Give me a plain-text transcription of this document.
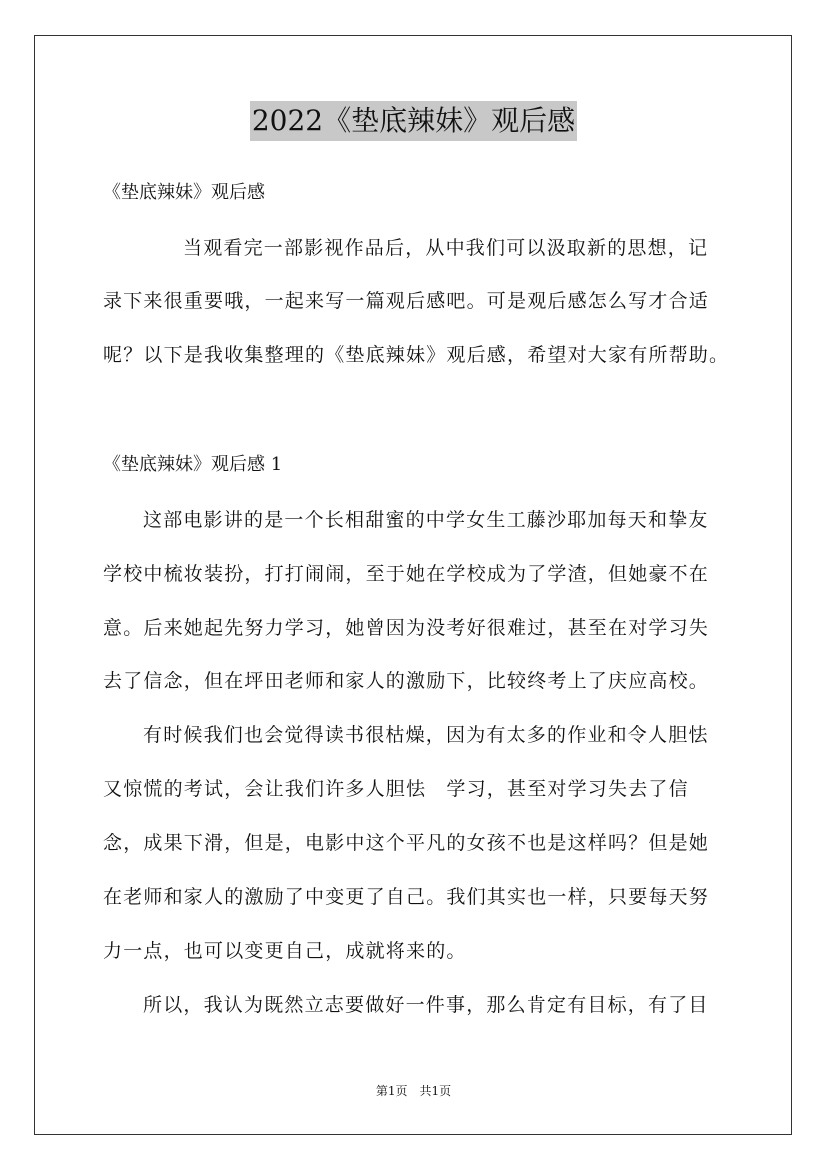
2022《垫底辣妹》观后感
《垫底辣妹》观后感
当观看完一部影视作品后，从中我们可以汲取新的思想，记
录下来很重要哦，一起来写一篇观后感吧。可是观后感怎么写才合适
呢？以下是我收集整理的《垫底辣妹》观后感，希望对大家有所帮助。
《垫底辣妹》观后感 1
这部电影讲的是一个长相甜蜜的中学女生工藤沙耶加每天和挚友
学校中梳妆装扮，打打闹闹，至于她在学校成为了学渣，但她豪不在
意。后来她起先努力学习，她曾因为没考好很难过，甚至在对学习失
去了信念，但在坪田老师和家人的激励下，比较终考上了庆应高校。
有时候我们也会觉得读书很枯燥，因为有太多的作业和令人胆怯
又惊慌的考试，会让我们许多人胆怯　学习，甚至对学习失去了信
念，成果下滑，但是，电影中这个平凡的女孩不也是这样吗？但是她
在老师和家人的激励了中变更了自己。我们其实也一样，只要每天努
力一点，也可以变更自己，成就将来的。
所以，我认为既然立志要做好一件事，那么肯定有目标，有了目
第1页　共1页
